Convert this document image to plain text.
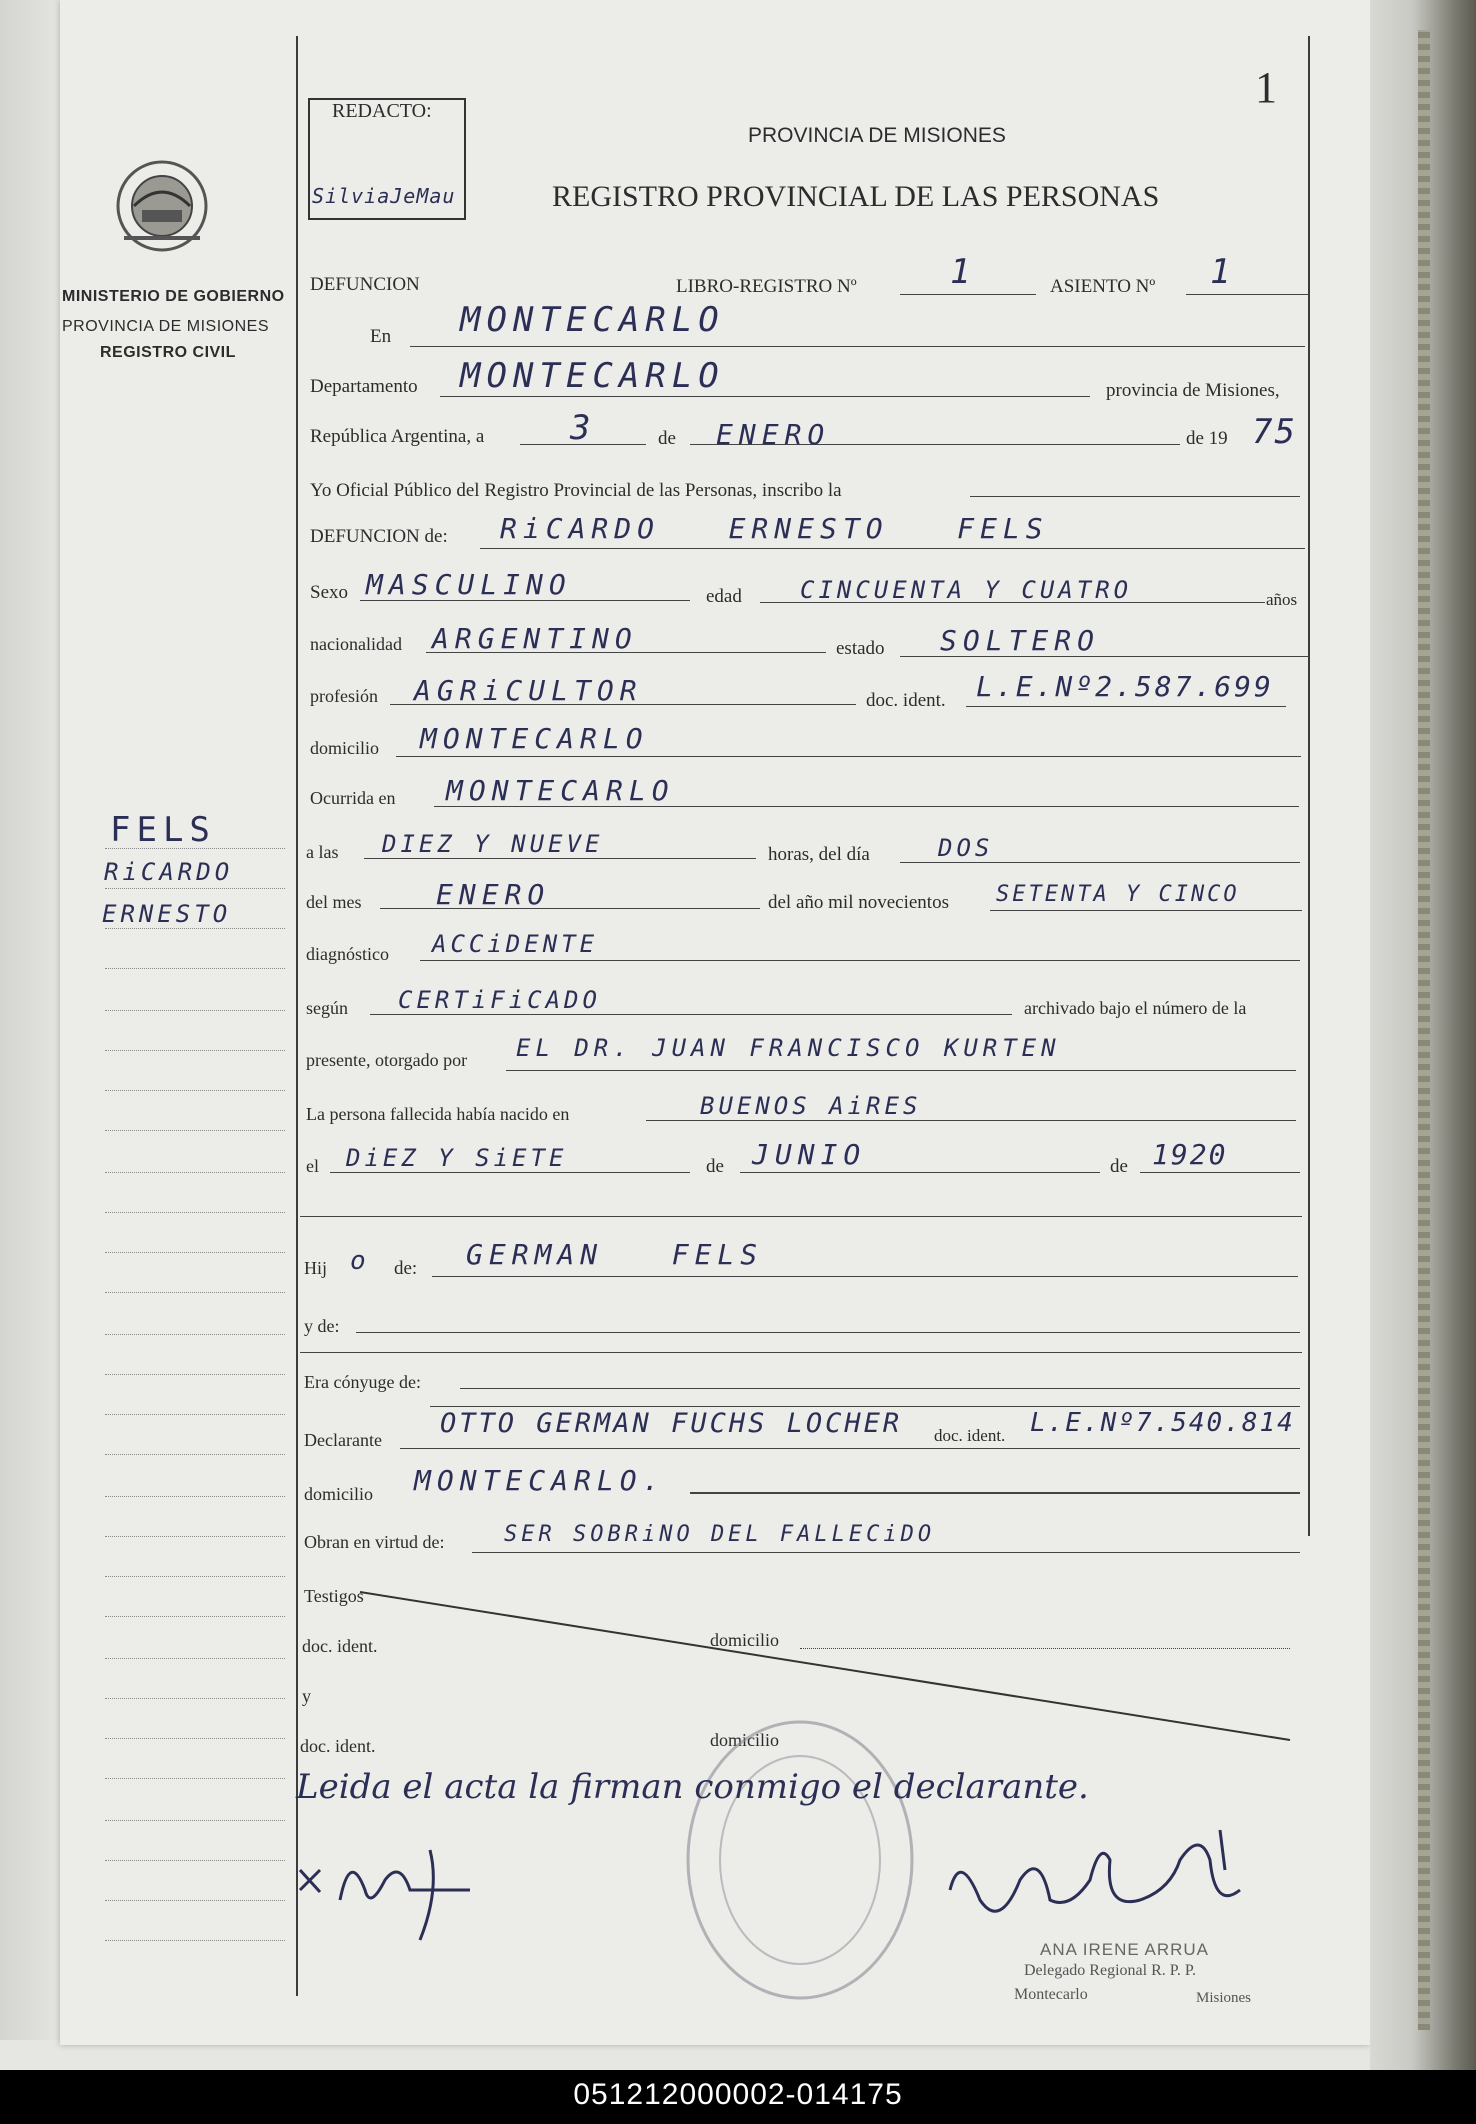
1
REDACTO:
SilviaJeMau
MINISTERIO DE GOBIERNO
PROVINCIA DE MISIONES
REGISTRO CIVIL
PROVINCIA DE MISIONES
REGISTRO PROVINCIAL DE LAS PERSONAS
FELS
RiCARDO
ERNESTO
DEFUNCION	LIBRO-REGISTRO Nº	1	ASIENTO Nº 1
En MONTECARLO
Departamento MONTECARLO	provincia de Misiones,
República Argentina, a	3	de ENERO	de 19 75
Yo Oficial Público del Registro Provincial de las Personas, inscribo la
DEFUNCION de: RiCARDO   ERNESTO   FELS
Sexo MASCULINO	edad CINCUENTA Y CUATRO	años
nacionalidad ARGENTINO	estado SOLTERO
profesión AGRiCULTOR	doc. ident. L.E.Nº2.587.699
domicilio MONTECARLO
Ocurrida en MONTECARLO
a las DIEZ Y NUEVE	horas, del día	DOS
del mes	ENERO	del año mil novecientos SETENTA Y CINCO
diagnóstico ACCiDENTE
según CERTiFiCADO	archivado bajo el número de la
presente, otorgado por EL DR. JUAN FRANCISCO KURTEN
La persona fallecida había nacido en	BUENOS AiRES
el DiEZ Y SiETE	de JUNIO	de 1920
Hij o de: GERMAN   FELS
y de:
Era cónyuge de:
Declarante
OTTO GERMAN FUCHS LOCHER doc. ident. L.E.Nº7.540.814
domicilio MONTECARLO.
Obran en virtud de:	SER SOBRiNO DEL FALLECiDO
Testigos
doc. ident.	domicilio
y
doc. ident.	domicilio
Leida el acta la firman conmigo el declarante.
ANA IRENE ARRUA
Delegado Regional R. P. P.
Montecarlo	Misiones
051212000002-014175
